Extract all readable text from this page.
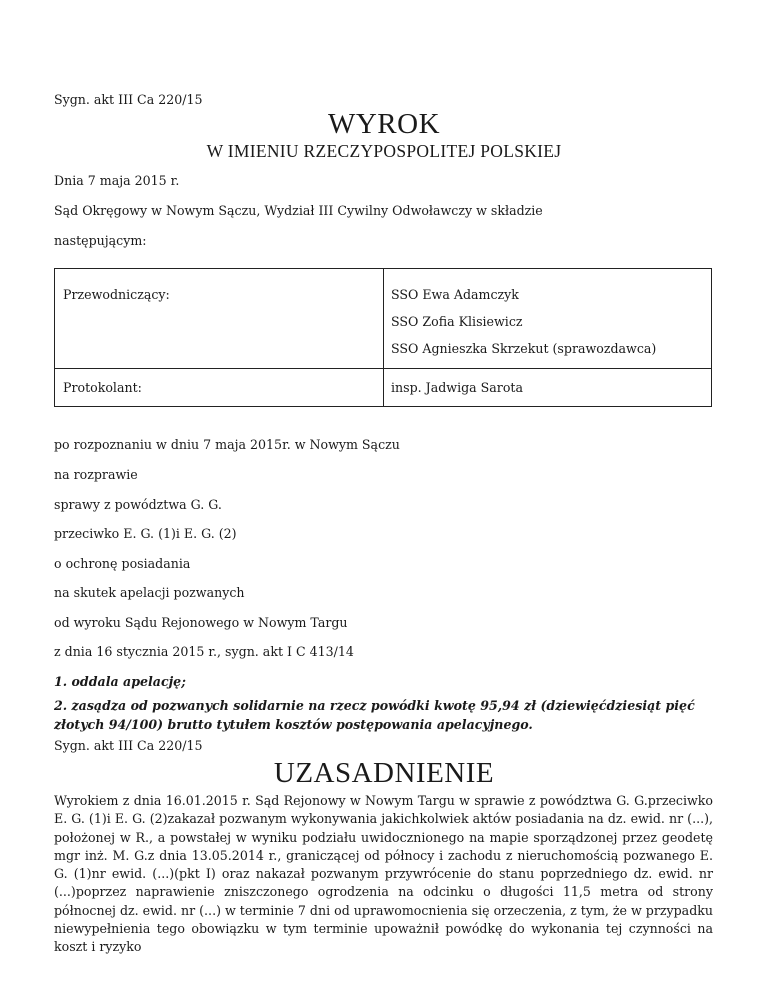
Sygn. akt III Ca 220/15
WYROK
W IMIENIU RZECZYPOSPOLITEJ POLSKIEJ
Dnia 7 maja 2015 r.
Sąd Okręgowy w Nowym Sączu, Wydział III Cywilny Odwoławczy w składzie
następującym:
Przewodniczący:	SSO Ewa Adamczyk
SSO Zofia Klisiewicz
SSO Agnieszka Skrzekut (sprawozdawca)
Protokolant:	insp. Jadwiga Sarota
po rozpoznaniu w dniu 7 maja 2015r. w Nowym Sączu
na rozprawie
sprawy z powództwa G. G.
przeciwko E. G. (1)i E. G. (2)
o ochronę posiadania
na skutek apelacji pozwanych
od wyroku Sądu Rejonowego w Nowym Targu
z dnia 16 stycznia 2015 r., sygn. akt I C 413/14
1. oddala apelację;
2. zasądza od pozwanych solidarnie na rzecz powódki kwotę 95,94 zł (dziewięćdziesiąt pięć złotych 94/100) brutto tytułem kosztów postępowania apelacyjnego.
Sygn. akt III Ca 220/15
UZASADNIENIE
Wyrokiem z dnia 16.01.2015 r. Sąd Rejonowy w Nowym Targu w sprawie z powództwa G. G.przeciwko E. G. (1)i E. G. (2)zakazał pozwanym wykonywania jakichkolwiek aktów posiadania na dz. ewid. nr (...), położonej w R., a powstałej w wyniku podziału uwidocznionego na mapie sporządzonej przez geodetę mgr inż. M. G.z dnia 13.05.2014 r., graniczącej od północy i zachodu z nieruchomością pozwanego E. G. (1)nr ewid. (...)(pkt I) oraz nakazał pozwanym przywrócenie do stanu poprzedniego dz. ewid. nr (...)poprzez naprawienie zniszczonego ogrodzenia na odcinku o długości 11,5 metra od strony północnej dz. ewid. nr (...) w terminie 7 dni od uprawomocnienia się orzeczenia, z tym, że w przypadku niewypełnienia tego obowiązku w tym terminie upoważnił powódkę do wykonania tej czynności na koszt i ryzyko
